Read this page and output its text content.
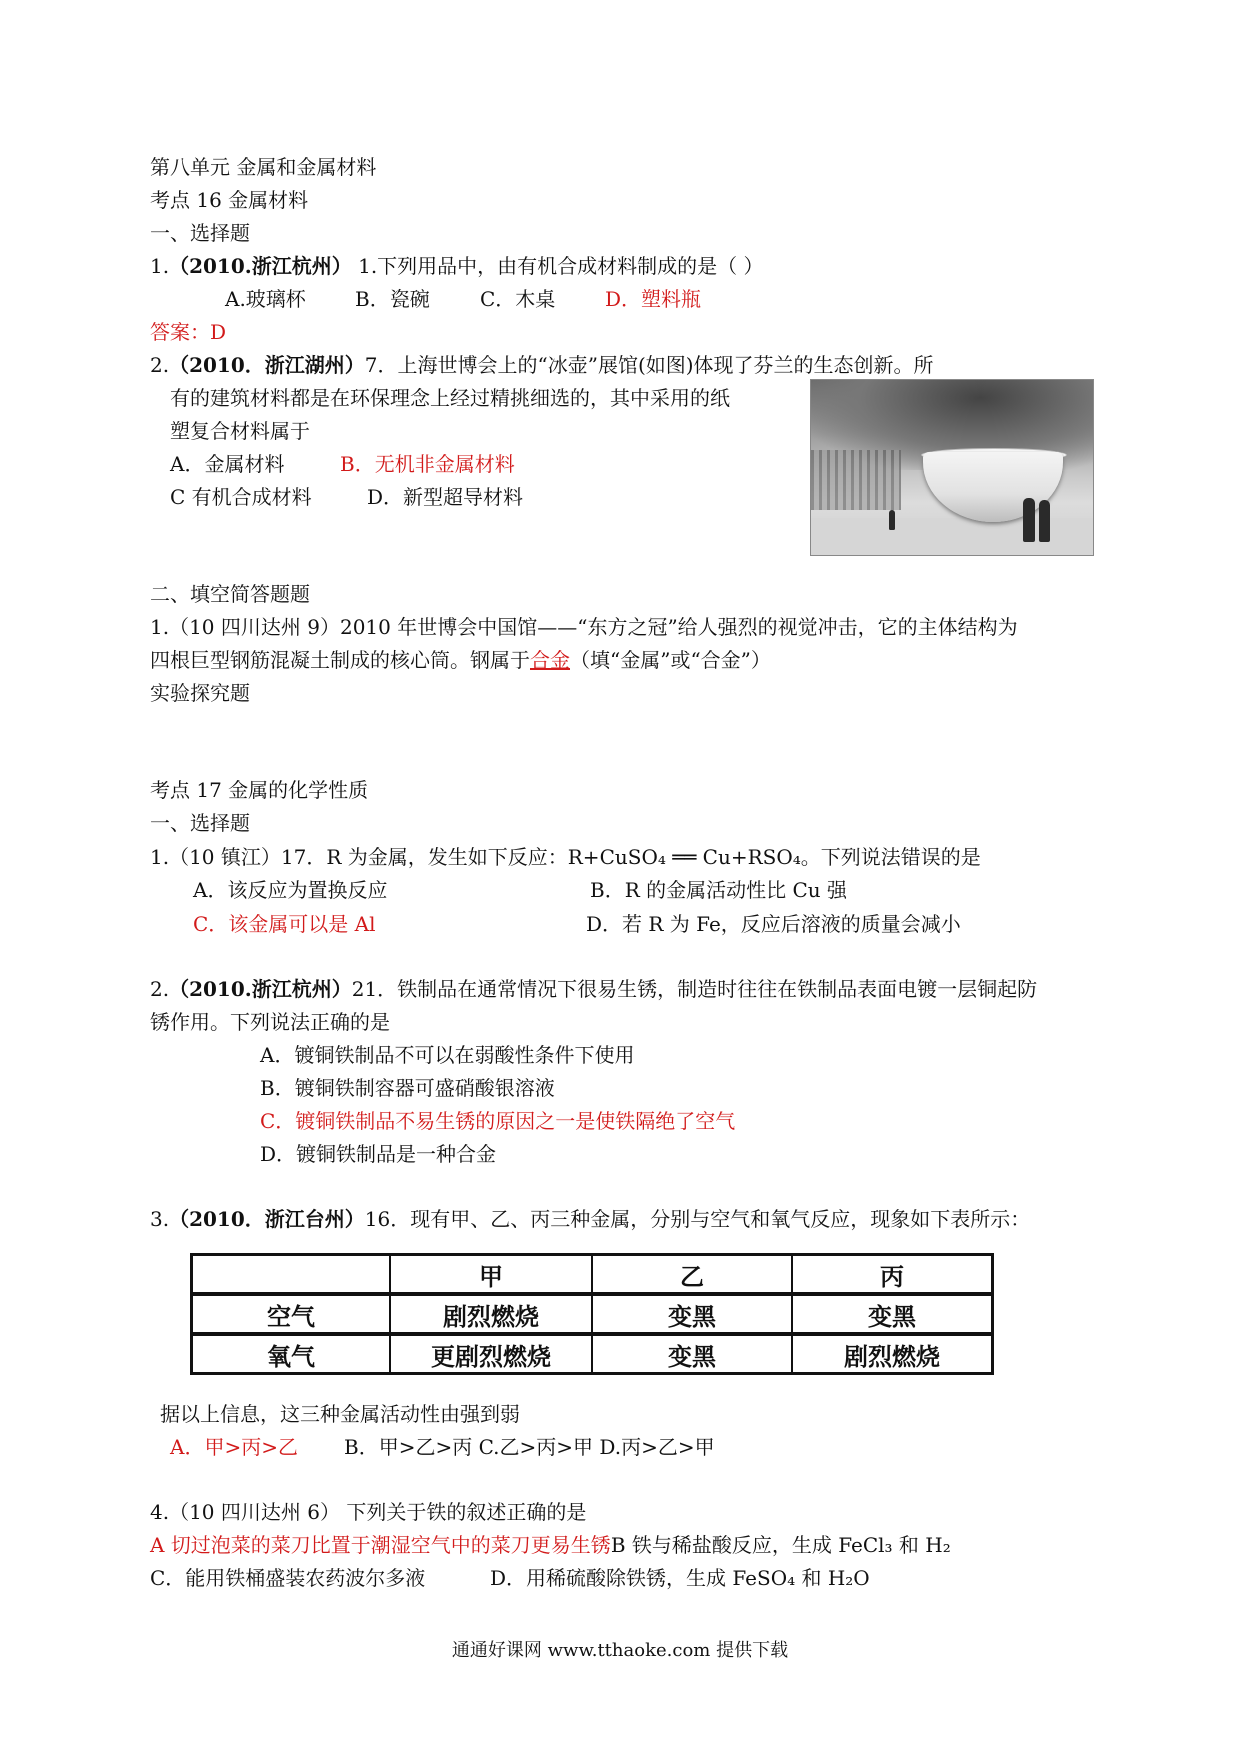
第八单元 金属和金属材料
考点 16 金属材料
一、选择题
1.（2010.浙江杭州） 1.下列用品中，由有机合成材料制成的是（ ）
A.玻璃杯 B．瓷碗	C．木桌 D．塑料瓶
答案：D
2.（2010．浙江湖州）7．上海世博会上的“冰壶”展馆(如图)体现了芬兰的生态创新。所
有的建筑材料都是在环保理念上经过精挑细选的，其中采用的纸
塑复合材料属于
A．金属材料	B．无机非金属材料
C 有机合成材料	D．新型超导材料
二、填空简答题题
1.（10 四川达州 9）2010 年世博会中国馆——“东方之冠”给人强烈的视觉冲击，它的主体结构为
四根巨型钢筋混凝土制成的核心筒。钢属于合金（填“金属”或“合金”）
实验探究题
考点 17 金属的化学性质
一、选择题
1.（10 镇江）17．R 为金属，发生如下反应：R+CuSO₄ ══ Cu+RSO₄。下列说法错误的是
A．该反应为置换反应	B．R 的金属活动性比 Cu 强
C．该金属可以是 Al	D．若 R 为 Fe，反应后溶液的质量会减小
2.（2010.浙江杭州）21．铁制品在通常情况下很易生锈，制造时往往在铁制品表面电镀一层铜起防
锈作用。下列说法正确的是
A．镀铜铁制品不可以在弱酸性条件下使用
B．镀铜铁制容器可盛硝酸银溶液
C．镀铜铁制品不易生锈的原因之一是使铁隔绝了空气
D．镀铜铁制品是一种合金
3.（2010．浙江台州）16．现有甲、乙、丙三种金属，分别与空气和氧气反应，现象如下表所示：
	甲	乙	丙
空气	剧烈燃烧	变黑	变黑
氧气	更剧烈燃烧	变黑	剧烈燃烧
据以上信息，这三种金属活动性由强到弱
A．甲>丙>乙 B．甲>乙>丙 C.乙>丙>甲 D.丙>乙>甲
4.（10 四川达州 6） 下列关于铁的叙述正确的是
A 切过泡菜的菜刀比置于潮湿空气中的菜刀更易生锈B 铁与稀盐酸反应，生成 FeCl₃ 和 H₂
C．能用铁桶盛装农药波尔多液	D．用稀硫酸除铁锈，生成 FeSO₄ 和 H₂O
通通好课网 www.tthaoke.com 提供下载
